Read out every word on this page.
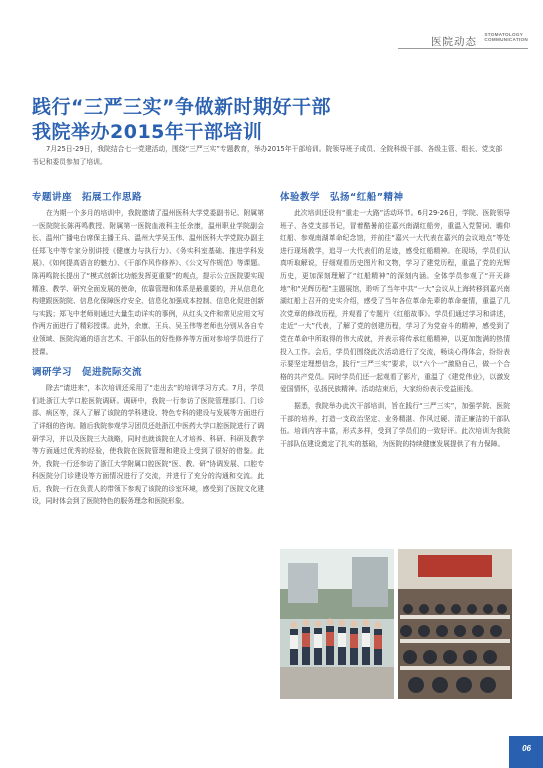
医院动态
STOMATOLOGY
COMMUNICATION
践行“三严三实”争做新时期好干部
我院举办2015年干部培训

7月25日-29日，我院结合七一党建活动，围绕“三严三实”专题教育，举办2015年干部培训。院领导班子成员、全院科级干部、各级主管、组长、党支部书记和委员参加了培训。

专题讲座　拓展工作思路

在为期一个多月的培训中，我院邀请了温州医科大学党委副书记、附属第一医院院长陈再鸣教授、附属第一医院血液科主任余康，温州职业学院副会长、温州广播电台席保主播王兵、温州大学吴玉伟、温州医科大学党院办副主任郑飞中等专家分别讲授《健康力与执行力》、《务实科室基础、推进学科发展》、《如何提高语言的魅力》、《干部作风作修养》、《公文写作规范》等课题。陈再鸣院长提出了“模式创新比功能发挥更重要”的观点，提示公立医院要实现精准、教学、研究全面发展的使命，依靠管理和体系是最重要的，并从信息化构建跟医院院、信息化保障医疗安全、信息化加强成本控制、信息化促进创新与实践；郑飞中老师则通过大量生动详实的事例，从红头文件和常见应用文写作两方面进行了精彩授课。此外，余康、王兵、吴玉伟等老师也分别从各自专业领域、医院沟通的语言艺术、干部队伍的好性修养等方面对参培学员进行了授课。

调研学习　促进院际交流

除去“请进来”，本次培训还采用了“走出去”的培训学习方式。7月，学员们赴浙江大学口腔医院调研。调研中，我院一行参访了医院管理部门、门诊部、病区等，深入了解了该院的学科建设、特色专科的建设与发展等方面进行了详细的咨询。随后我院参观学习团员还赴浙江中医药大学口腔医院进行了调研学习，并以及医院三大战略，同时也就该院在人才培养、科研、科研及教学等方面通过优秀的经验，使我院在医院管理和建设上受到了很好的借鉴。此外，我院一行还参访了浙江大学附属口腔医院“医、教、研”协调发展、口腔专科医院分门诊建设等方面情况进行了交流，并进行了充分的沟通和交流。此后，我院一行在负责人的带领下参观了该院的诊室环境，感受到了医院文化建设，同时体会到了医院特色的服务理念和医院形象。

体验教学　弘扬“红船”精神

此次培训还设有“重走一大路”活动环节。6月29-26日，学院、医院领导班子、各党支部书记，冒着酷暑前往嘉兴南湖红船旁，重温入党誓词、瞻仰红船、参观南湖革命纪念馆，并前往“嘉兴一大代表在嘉兴的会议地点”等处进行现场教学，追寻一大代表们的足迹，感受红船精神。在现场，学员们认真听取解说，仔细观看历史图片和文物，学习了建党历程，重温了党的光辉历史，更加深刻理解了“红船精神”的深刻内涵。全体学员参观了“开天辟地”和“光辉历程”主题展馆，聆听了当年中共“一大”会议从上海转移到嘉兴南湖红船上召开的史实介绍，感受了当年各位革命先辈的革命豪情，重温了几次党章的修改历程，并观看了专题片《红船故事》。学员们通过学习和讲述，走近“一大”代表，了解了党的创建历程，学习了为党奋斗的精神，感受到了党在革命中所取得的伟大成就，并表示将传承红船精神，以更加饱满的热情投入工作。会后，学员们围绕此次活动进行了交流，畅谈心得体会，纷纷表示要坚定理想信念，践行“三严三实”要求，以“六个一”激励自己，做一个合格的共产党员。同时学员们还一起观看了影片，重温了《建党伟业》，以激发爱国情怀，弘扬民族精神。活动结束后，大家纷纷表示受益匪浅。

据悉，我院举办此次干部培训，旨在践行“三严三实”，加强学院、医院干部的培养，打造一支政治坚定、业务精湛、作风过硬、清正廉洁的干部队伍。培训内容丰富，形式多样，受到了学员们的一致好评。此次培训为我院干部队伍建设奠定了扎实的基础，为医院的持续健康发展提供了有力保障。

06
